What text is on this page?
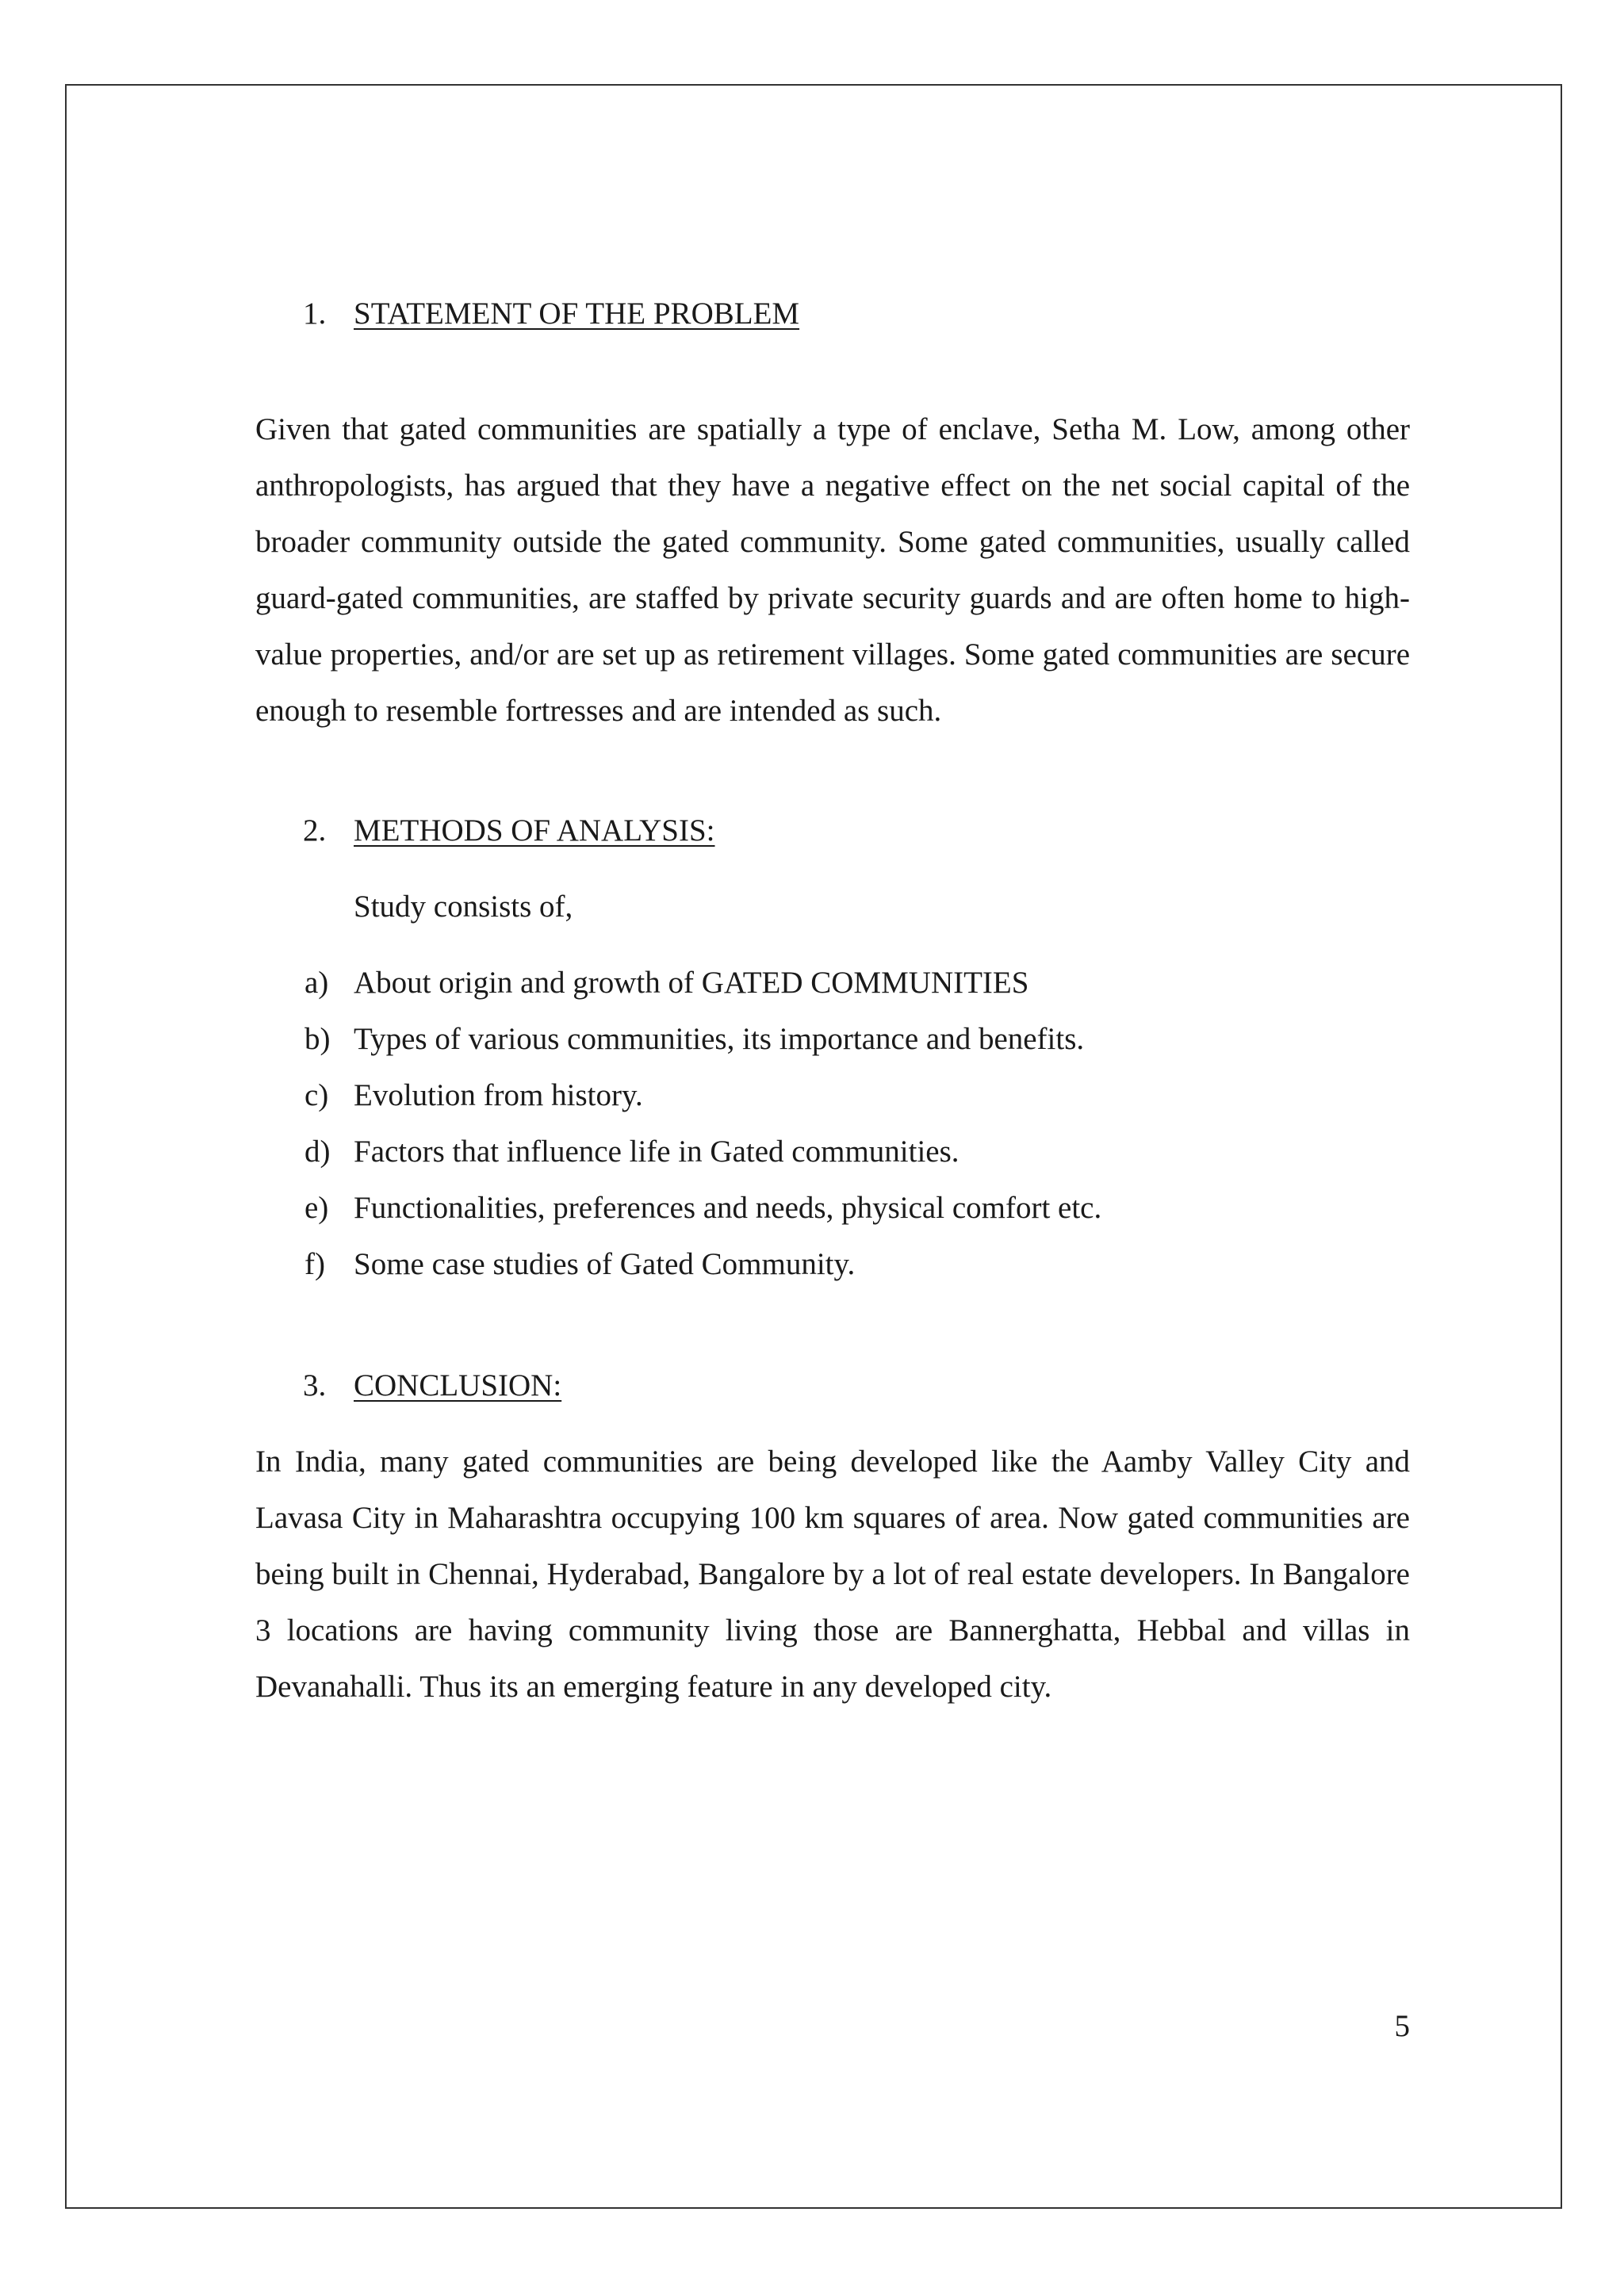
1. STATEMENT OF THE PROBLEM

Given that gated communities are spatially a type of enclave, Setha M. Low, among other anthropologists, has argued that they have a negative effect on the net social capital of the broader community outside the gated community. Some gated communities, usually called guard-gated communities, are staffed by private security guards and are often home to high-value properties, and/or are set up as retirement villages. Some gated communities are secure enough to resemble fortresses and are intended as such.

2. METHODS OF ANALYSIS:

Study consists of,

a) About origin and growth of GATED COMMUNITIES
b) Types of various communities, its importance and benefits.
c) Evolution from history.
d) Factors that influence life in Gated communities.
e) Functionalities, preferences and needs, physical comfort etc.
f) Some case studies of Gated Community.
3. CONCLUSION:

In India, many gated communities are being developed like the Aamby Valley City and Lavasa City in Maharashtra occupying 100 km squares of area. Now gated communities are being built in Chennai, Hyderabad, Bangalore by a lot of real estate developers. In Bangalore 3 locations are having community living those are Bannerghatta, Hebbal and villas in Devanahalli. Thus its an emerging feature in any developed city.

5
